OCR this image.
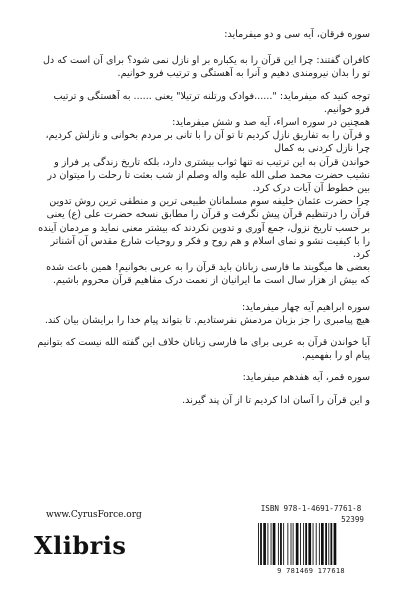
سوره فرقان، آیه سی و دو میفرماید:

کافران گفتند: چرا این قرآن را به یکباره بر او نازل نمی شود؟ برای آن است که دل تو را بدان نیرومندی دهیم و آنرا به آهستگی و ترتیب فرو خوانیم.

توجه کنید که میفرماید: "......فوادک ورتلنه ترتیلا" یعنی ...... به آهستگی و ترتیب فرو خوانیم.

همچنین در سوره اسراء، آیه صد و شش میفرماید:

و قرآن را به تفاریق نازل کردیم تا تو آن را با تانی بر مردم بخوانی و نازلش کردیم، چرا نازل کردنی به کمال

خواندن قرآن به این ترتیب نه تنها ثواب بیشتری دارد، بلکه تاریخ زندگی پر فراز و نشیب حضرت محمد صلی الله علیه واله وصلم از شب بعثت تا رحلت را میتوان در بین خطوط آن آیات درک کرد.

چرا حضرت عثمان خلیفه سوم مسلمانان طبیعی ترین و منطقی ترین روش تدوین قرآن را درتنظیم قرآن پیش نگرفت و قرآن را مطابق نسخه حضرت علی (ع) یعنی بر حسب تاریخ نزول، جمع آوری و تدوین نکردند که بیشتر معنی نماید و مردمان آینده را با کیفیت نشو و نمای اسلام و هم روح و فکر و روحیات شارع مقدس آن آشناتر کرد.

بعضی ها میگویند ما فارسی زبانان باید قرآن را به عربی بخوانیم! همین باعث شده که بیش از هزار سال است ما ایرانیان از نعمت درک مفاهیم قرآن محروم باشیم.

سوره ابراهیم آیه چهار میفرماید:

هیچ پیامبری را جز بزبان مردمش نفرستادیم. تا بتواند پیام خدا را برایشان بیان کند.

آیا خواندن قرآن به عربی برای ما فارسی زبانان خلاف این گفته الله نیست که بتوانیم پیام او را بفهمیم.

سوره قمر، آیه هفدهم میفرماید:

و این قرآن را آسان ادا کردیم تا از آن پند گیرند.

www.CyrusForce.org
Xlibris
ISBN 978-1-4691-7761-8
52399
9 781469 177618
